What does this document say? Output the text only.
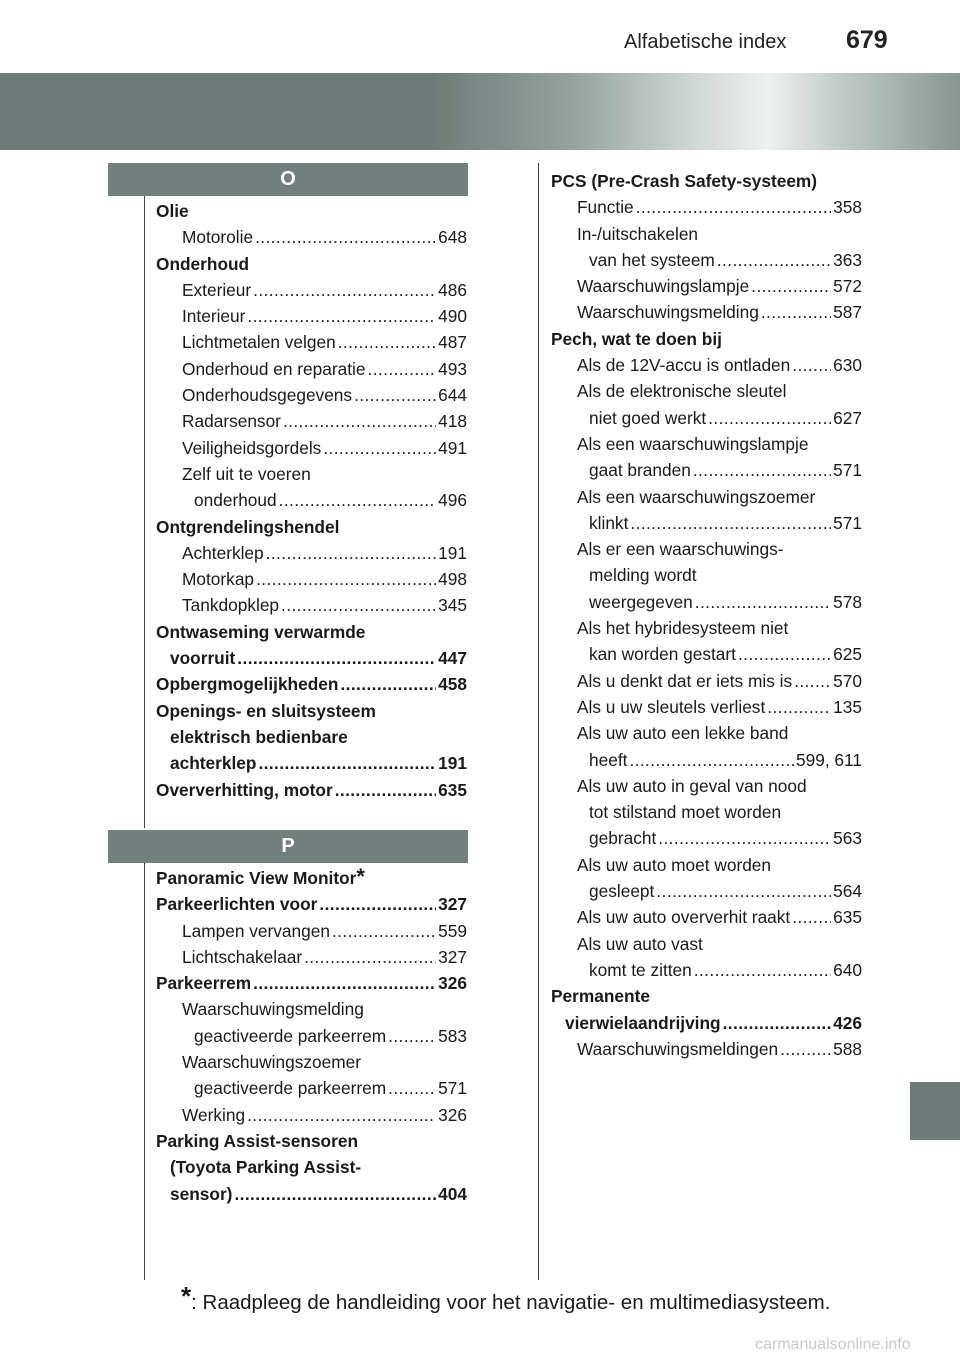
Alfabetische index 679
O
P
Olie
Motorolie .....	648
Onderhoud
Exterieur .....	486
Interieur .....	490
Lichtmetalen velgen .....	487
Onderhoud en reparatie .....	493
Onderhoudsgegevens .....	644
Radarsensor .....	418
Veiligheidsgordels .....	491
Zelf uit te voeren
onderhoud .....	496
Ontgrendelingshendel
Achterklep .....	191
Motorkap .....	498
Tankdopklep .....	345
Ontwaseming verwarmde
voorruit .....	447
Opbergmogelijkheden .....	458
Openings- en sluitsysteem
elektrisch bedienbare
achterklep .....	191
Oververhitting, motor .....	635
Panoramic View Monitor *
Parkeerlichten voor .....	327
Lampen vervangen .....	559
Lichtschakelaar .....	327
Parkeerrem .....	326
Waarschuwingsmelding
geactiveerde parkeerrem .....	583
Waarschuwingszoemer
geactiveerde parkeerrem .....	571
Werking .....	326
Parking Assist-sensoren
(Toyota Parking Assist-
sensor) .....	404
PCS (Pre-Crash Safety-systeem)
Functie .....	358
In-/uitschakelen
van het systeem .....	363
Waarschuwingslampje .....	572
Waarschuwingsmelding .....	587
Pech, wat te doen bij
Als de 12V-accu is ontladen ..... 630
Als de elektronische sleutel
niet goed werkt .....	627
Als een waarschuwingslampje
gaat branden .....	571
Als een waarschuwingszoemer
klinkt .....	571
Als er een waarschuwings-
melding wordt
weergegeven .....	578
Als het hybridesysteem niet
kan worden gestart .....	625
Als u denkt dat er iets mis is ..... 570
Als u uw sleutels verliest .....	135
Als uw auto een lekke band
heeft .....	599, 611
Als uw auto in geval van nood
tot stilstand moet worden
gebracht .....	563
Als uw auto moet worden
gesleept .....	564
Als uw auto oververhit raakt ..... 635
Als uw auto vast
komt te zitten .....	640
Permanente
vierwielaandrijving .....	426
Waarschuwingsmeldingen .....	588
*: Raadpleeg de handleiding voor het navigatie- en multimediasysteem.
carmanualsonline.info
